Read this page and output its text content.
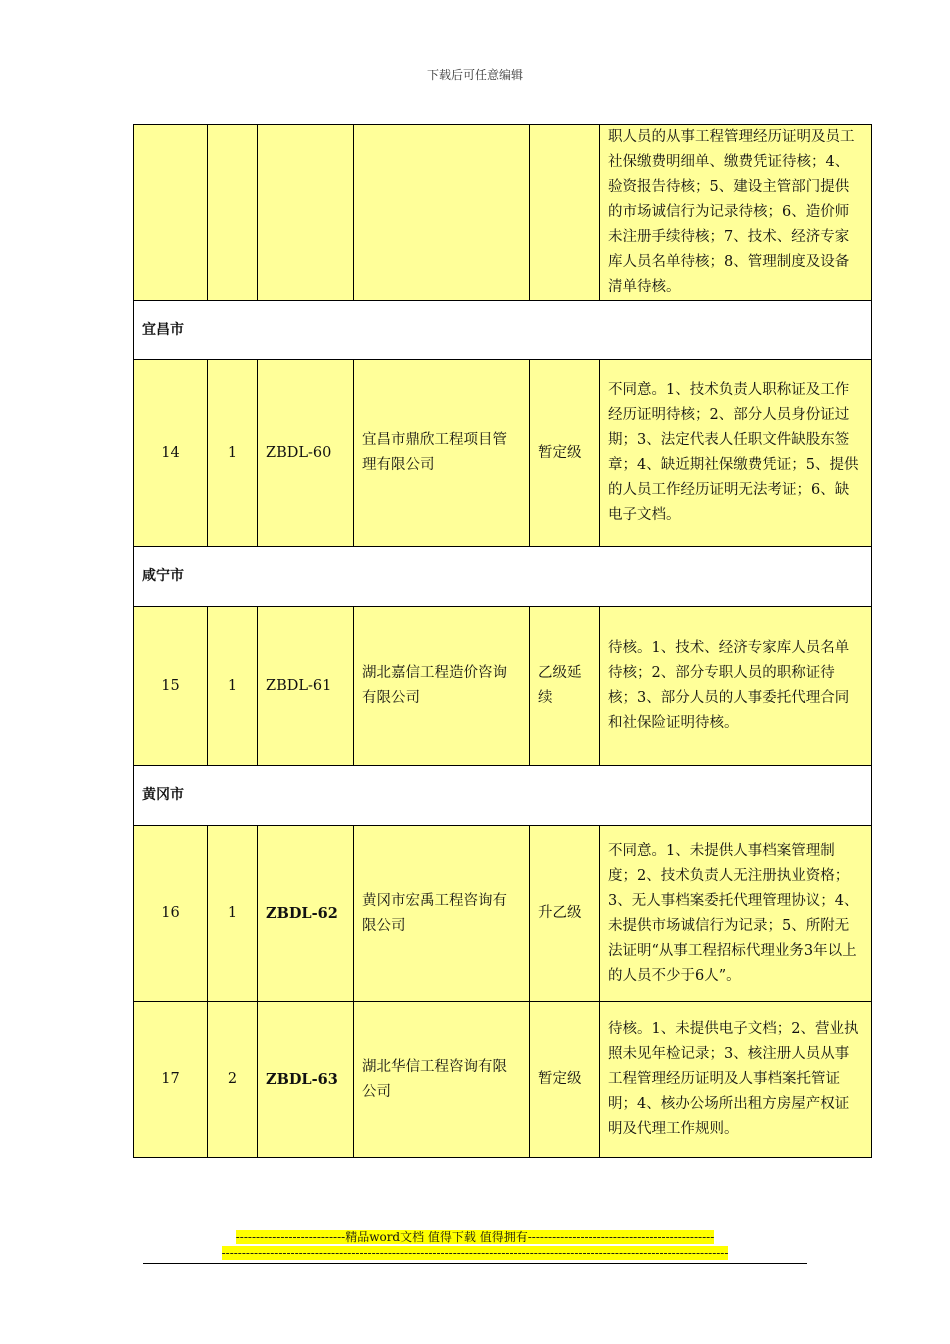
下载后可任意编辑
					职人员的从事工程管理经历证明及员工社保缴费明细单、缴费凭证待核；4、验资报告待核；5、建设主管部门提供的市场诚信行为记录待核；6、造价师未注册手续待核；7、技术、经济专家库人员名单待核；8、管理制度及设备清单待核。
宜昌市					
14	1	ZBDL-60	宜昌市鼎欣工程项目管理有限公司	暂定级	不同意。1、技术负责人职称证及工作经历证明待核；2、部分人员身份证过期；3、法定代表人任职文件缺股东签章；4、缺近期社保缴费凭证；5、提供的人员工作经历证明无法考证；6、缺电子文档。
咸宁市					
15	1	ZBDL-61	湖北嘉信工程造价咨询有限公司	乙级延续	待核。1、技术、经济专家库人员名单待核；2、部分专职人员的职称证待核；3、部分人员的人事委托代理合同和社保险证明待核。
黄冈市					
16	1	ZBDL-62	黄冈市宏禹工程咨询有限公司	升乙级	不同意。1、未提供人事档案管理制度；2、技术负责人无注册执业资格；3、无人事档案委托代理管理协议；4、未提供市场诚信行为记录；5、所附无法证明“从事工程招标代理业务3年以上的人员不少于6人”。
17	2	ZBDL-63	湖北华信工程咨询有限公司	暂定级	待核。1、未提供电子文档；2、营业执照未见年检记录；3、核注册人员从事工程管理经历证明及人事档案托管证明；4、核办公场所出租方房屋产权证明及代理工作规则。
---------------------------精品word文档 值得下载 值得拥有----------------------------------------------
-----------------------------------------------------------------------------------------------------------------------------
